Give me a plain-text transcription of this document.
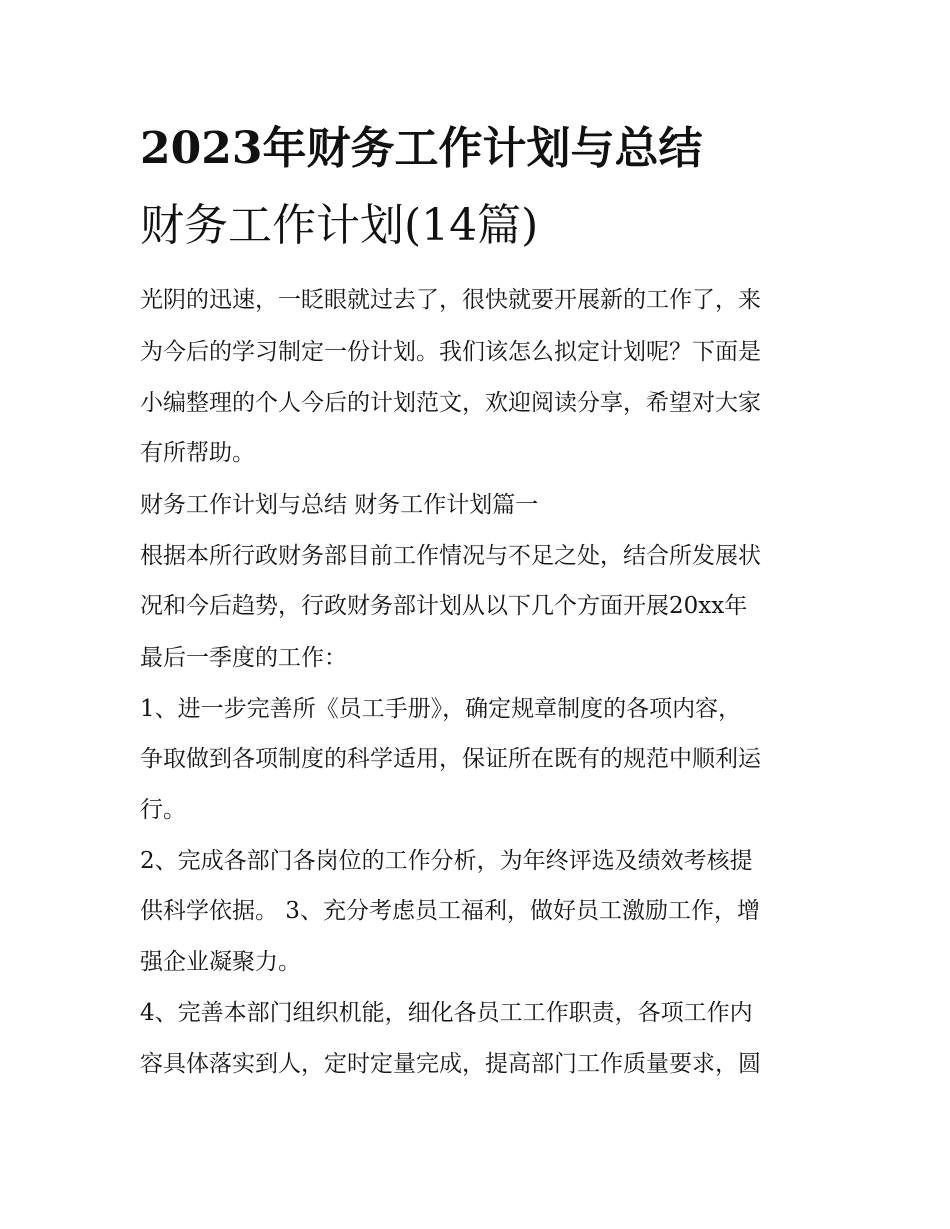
2023年财务工作计划与总结
财务工作计划(14篇)
光阴的迅速，一眨眼就过去了，很快就要开展新的工作了，来
为今后的学习制定一份计划。我们该怎么拟定计划呢？下面是
小编整理的个人今后的计划范文，欢迎阅读分享，希望对大家
有所帮助。
财务工作计划与总结 财务工作计划篇一
根据本所行政财务部目前工作情况与不足之处，结合所发展状
况和今后趋势，行政财务部计划从以下几个方面开展20xx年
最后一季度的工作：
1、进一步完善所《员工手册》，确定规章制度的各项内容，
争取做到各项制度的科学适用，保证所在既有的规范中顺利运
行。
2、完成各部门各岗位的工作分析，为年终评选及绩效考核提
供科学依据。 3、充分考虑员工福利，做好员工激励工作，增
强企业凝聚力。
4、完善本部门组织机能，细化各员工工作职责，各项工作内
容具体落实到人，定时定量完成，提高部门工作质量要求，圆
